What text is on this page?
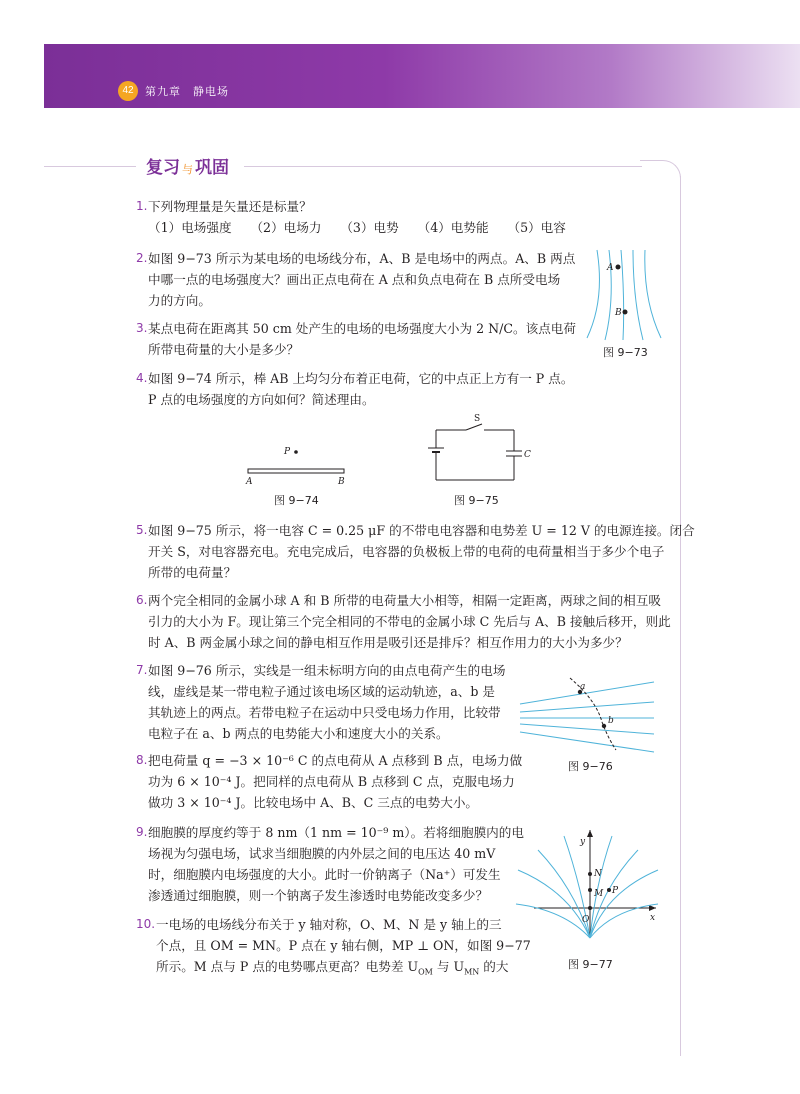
42	第九章　静电场
复习 与 巩固
1. 下列物理量是矢量还是标量？
（1）电场强度　　（2）电场力　　（3）电势　　（4）电势能　　（5）电容
2. 如图 9−73 所示为某电场的电场线分布，A、B 是电场中的两点。A、B 两点
中哪一点的电场强度大？画出正点电荷在 A 点和负点电荷在 B 点所受电场
力的方向。
3. 某点电荷在距离其 50 cm 处产生的电场的电场强度大小为 2 N/C。该点电荷
所带电荷量的大小是多少？
4. 如图 9−74 所示，棒 AB 上均匀分布着正电荷，它的中点正上方有一 P 点。
P 点的电场强度的方向如何？简述理由。
5. 如图 9−75 所示，将一电容 C = 0.25 μF 的不带电电容器和电势差 U = 12 V 的电源连接。闭合
开关 S，对电容器充电。充电完成后，电容器的负极板上带的电荷的电荷量相当于多少个电子
所带的电荷量？
6. 两个完全相同的金属小球 A 和 B 所带的电荷量大小相等，相隔一定距离，两球之间的相互吸
引力的大小为 F。现让第三个完全相同的不带电的金属小球 C 先后与 A、B 接触后移开，则此
时 A、B 两金属小球之间的静电相互作用是吸引还是排斥？相互作用力的大小为多少？
7. 如图 9−76 所示，实线是一组未标明方向的由点电荷产生的电场
线，虚线是某一带电粒子通过该电场区域的运动轨迹，a、b 是
其轨迹上的两点。若带电粒子在运动中只受电场力作用，比较带
电粒子在 a、b 两点的电势能大小和速度大小的关系。
8. 把电荷量 q = −3 × 10⁻⁶ C 的点电荷从 A 点移到 B 点，电场力做
功为 6 × 10⁻⁴ J。把同样的点电荷从 B 点移到 C 点，克服电场力
做功 3 × 10⁻⁴ J。比较电场中 A、B、C 三点的电势大小。
9. 细胞膜的厚度约等于 8 nm（1 nm = 10⁻⁹ m）。若将细胞膜内的电
场视为匀强电场，试求当细胞膜的内外层之间的电压达 40 mV
时，细胞膜内电场强度的大小。此时一价钠离子（Na⁺）可发生
渗透通过细胞膜，则一个钠离子发生渗透时电势能改变多少？
10. 一电场的电场线分布关于 y 轴对称，O、M、N 是 y 轴上的三
个点，且 OM = MN。P 点在 y 轴右侧，MP ⊥ ON，如图 9−77
所示。M 点与 P 点的电势哪点更高？电势差 $U_{OM}$ 与 $U_{MN}$ 的大
A
B
图 9−73
P
A	B
图 9−74
S
C
图 9−75
a
b
图 9−76
y
x
O
N
M P
图 9−77
